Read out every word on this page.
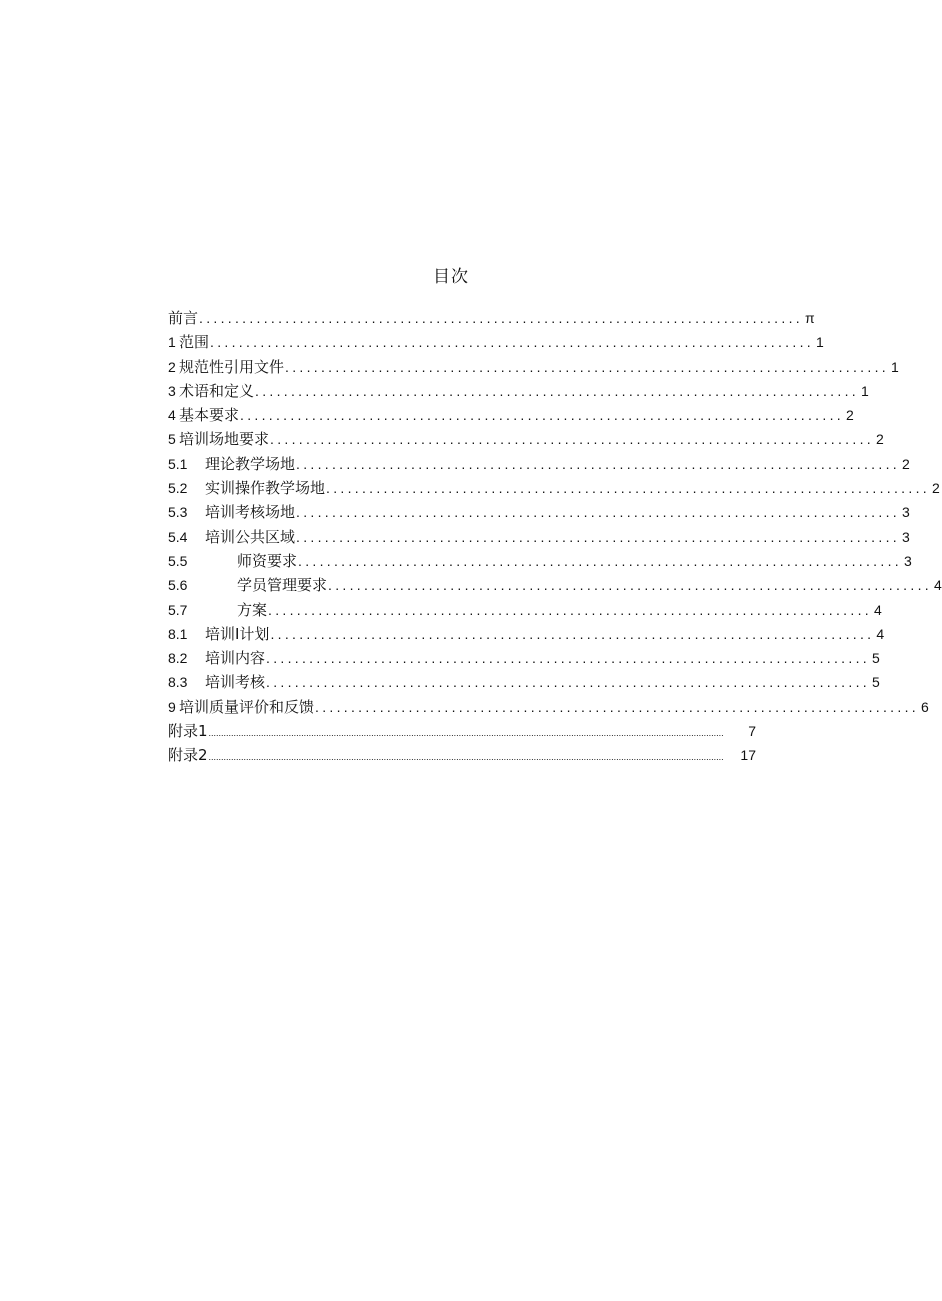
目次
前言 .................................................................................... π
1 范围 .................................................................................... 1
2 规范性引用文件 .................................................................................... 1
3 术语和定义 .................................................................................... 1
4 基本要求 .................................................................................... 2
5 培训场地要求 .................................................................................... 2
5.1	理论教学场地 .................................................................................... 2
5.2	实训操作教学场地 .................................................................................... 2
5.3	培训考核场地 .................................................................................... 3
5.4	培训公共区域 .................................................................................... 3
5.5	师资要求 .................................................................................... 3
5.6	学员管理要求 .................................................................................... 4
5.7	方案 .................................................................................... 4
8.1	培训I计划 .................................................................................... 4
8.2	培训内容 .................................................................................... 5
8.3	培训考核 .................................................................................... 5
9 培训质量评价和反馈 .................................................................................... 6
附录1 ..............................................................................................................................................................................................................	7
附录2 ..............................................................................................................................................................................................................	17
